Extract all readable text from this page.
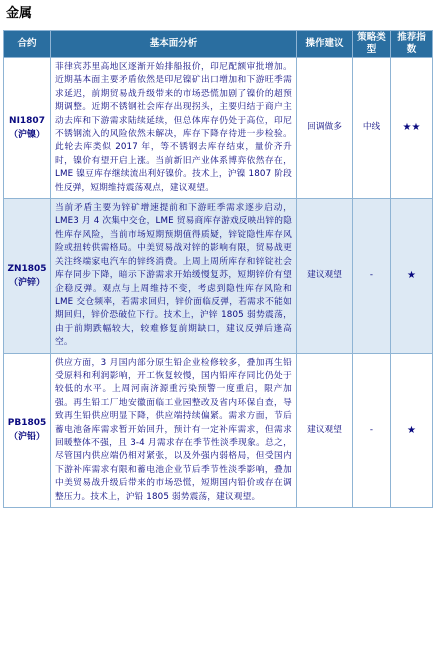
金属
合约	基本面分析	操作建议	策略类型	推荐指数

NI1807
（沪镍）	菲律宾苏里高地区逐渐开始排船报价，印尼配额审批增加。近期基本面主要矛盾依然是印尼镍矿出口增加和下游旺季需求延迟，前期贸易战升级带来的市场恐慌加剧了镍价的超预期调整。近期不锈钢社会库存出现拐头，主要归结于商户主动去库和下游需求陆续延续，但总体库存仍处于高位，印尼不锈钢流入的风险依然未解决，库存下降存待进一步检验。此轮去库类似 2017 年，等不锈钢去库存结束，量价齐升时，镍价有望开启上涨。当前新旧产业体系博弈依然存在，LME 镍豆库存继续流出利好镍价。技术上，沪镍 1807 阶段性反弹，短期维持震荡观点，建议观望。	回调做多	中线	★★

ZN1805
（沪锌）	当前矛盾主要为锌矿增速提前和下游旺季需求逐步启动，LME3 月 4 次集中交仓，LME 贸易商库存游戏反映出锌的隐性库存风险，当前市场短期预期值得质疑，锌锭隐性库存风险或扭转供需格局。中美贸易战对锌的影响有限，贸易战更关注终端家电汽车的锌终消费。上周上周所库存和锌锭社会库存同步下降，暗示下游需求开始缓慢复苏，短期锌价有望企稳反弹。观点与上周维持不变，考虑到隐性库存风险和 LME 交仓频率，若需求回归，锌价面临反弹，若需求不能如期回归，锌价恐破位下行。技术上，沪锌 1805 弱势震荡，由于前期跌幅较大，较难修复前期缺口，建议反弹后逢高空。	建议观望	-	★

PB1805
（沪铅）	供应方面，3 月国内部分原生铅企业检修较多，叠加再生铅受原料和利润影响，开工恢复较慢，国内铅库存同比仍处于较低的水平。上周河南济源重污染预警一度重启，限产加强。再生铅工厂地安徽面临工业园整改及省内环保自查，导致再生铅供应明显下降，供应端持续偏紧。需求方面，节后蓄电池备库需求暂开始回升，预计有一定补库需求，但需求回暖整体不强，且 3-4 月需求存在季节性淡季现象。总之，尽管国内供应端仍相对紧张，以及外强内弱格局，但受国内下游补库需求有限和蓄电池企业节后季节性淡季影响，叠加中美贸易战升级后带来的市场恐慌，短期国内铅价或存在调整压力。技术上，沪铅 1805 弱势震荡，建议观望。	建议观望	-	★
